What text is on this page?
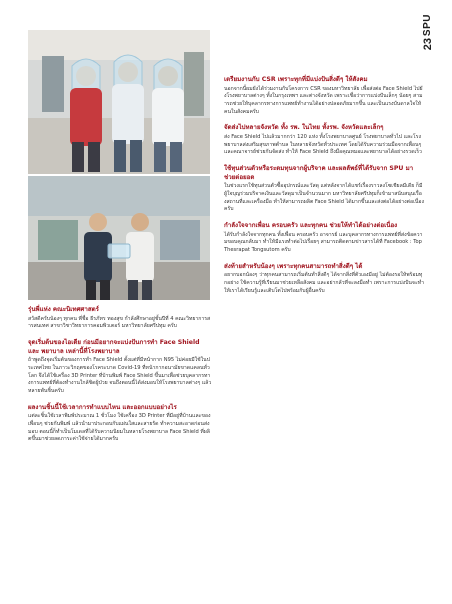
SPU
23
รุ่นพี่แห่ง คณะนิเทศศาสตร์
สวัสดีครับน้องๆ ทุกคน พี่ชื่อ ธีรภัทร ทองสุข กำลังศึกษาอยู่ชั้นปีที่ 4 คณะวิทยาการสารสนเทศ สาขาวิชาวิทยาการคอมพิวเตอร์ มหาวิทยาลัยศรีปทุม ครับ
จุดเริ่มต้นของไอเดีย ก่อนมีอยากจะแบ่งปันการทำ Face Shield และ พยาบาล เหล่านี้ที่โรงพยาบาล
ถ้าพูดถึงจุดเริ่มต้นของการทำ Face Shield ตั้งแต่ที่มีหน้ากาก N95 ไม่ค่อยมีใช้ในประเทศไทย ในภาวะวิกฤตของโรคระบาด Covid-19 ที่หน้ากากอนามัยขาดแคลนทั่วโลก จึงได้ใช้เครื่อง 3D Printer ที่บ้านพิมพ์ Face Shield ขึ้นมาเพื่อช่วยบุคลากรทางการแพทย์ที่ต้องทำงานใกล้ชิดผู้ป่วย จนถึงตอนนี้ได้ส่งมอบให้โรงพยาบาลต่างๆ แล้วหลายพันชิ้นครับ
ผลงานชิ้นนี้ใช้เวลาการทำแบบไหน และออกแบบอย่างไร
แต่ละชิ้นใช้เวลาพิมพ์ประมาณ 1 ชั่วโมง ใช้เครื่อง 3D Printer ที่มีอยู่ที่บ้านและของเพื่อนๆ ช่วยกันพิมพ์ แล้วนำมาประกอบกับแผ่นใสและสายรัด ทำความสะอาดก่อนส่งมอบ ตอนนี้ก็ทำเป็นโมเดลที่ได้รับความนิยมในหลายโรงพยาบาล Face Shield ที่ผลิตขึ้นมาช่วยลดภาระค่าใช้จ่ายได้มากครับ
เตรียมงานกับ CSR เพราะทุกที่มีแบ่งปันสิ่งดีๆ ให้สังคม
นอกจากนี้ผมยังได้ร่วมงานกับโครงการ CSR ของมหาวิทยาลัย เพื่อส่งต่อ Face Shield ไปยังโรงพยาบาลต่างๆ ทั้งในกรุงเทพฯ และต่างจังหวัด เพราะเชื่อว่าการแบ่งปันเล็กๆ น้อยๆ สามารถช่วยให้บุคลากรทางการแพทย์ทำงานได้อย่างปลอดภัยมากขึ้น และเป็นแรงบันดาลใจให้คนในสังคมครับ
จัดส่งไปหลายจังหวัด ทั้ง รพ. ในไทย ทั้งรพ. จังหวัดและเล็กๆ
ส่ง Face Shield ไปแล้วมากกว่า 120 แห่ง ทั้งโรงพยาบาลศูนย์ โรงพยาบาลทั่วไป และโรงพยาบาลส่งเสริมสุขภาพตำบล ในหลายจังหวัดทั่วประเทศ โดยได้รับความร่วมมือจากเพื่อนๆ และคณาจารย์ช่วยกันจัดส่ง ทำให้ Face Shield ถึงมือคุณหมอและพยาบาลได้อย่างรวดเร็ว
ใช้ทุนส่วนตัวหรือระดมทุนจากผู้บริจาค และผลลัพธ์ที่ได้รับจาก SPU มาช่วยต่อยอด
ในช่วงแรกใช้ทุนส่วนตัวซื้ออุปกรณ์และวัสดุ แต่หลังจากได้แชร์เรื่องราวลงโซเชียลมีเดีย ก็มีผู้ใจบุญร่วมบริจาคเงินและวัสดุมาเป็นจำนวนมาก มหาวิทยาลัยศรีปทุมก็เข้ามาสนับสนุนเรื่องสถานที่และเครื่องมือ ทำให้สามารถผลิต Face Shield ได้มากขึ้นและส่งต่อได้อย่างต่อเนื่องครับ
กำลังใจจากเพื่อน ครอบครัว และทุกคน ช่วยให้ทำได้อย่างต่อเนื่อง
ได้รับกำลังใจจากทุกคน ทั้งเพื่อน ครอบครัว อาจารย์ และบุคลากรทางการแพทย์ที่ส่งข้อความขอบคุณกลับมา ทำให้มีแรงทำต่อไปเรื่อยๆ สามารถติดตามข่าวสารได้ที่ Facebook : TopThesrapat Tongsutom ครับ
ส่งท้ายสำหรับน้องๆ เพราะทุกคนสามารถทำสิ่งดีๆ ได้
อยากบอกน้องๆ ว่าทุกคนสามารถเริ่มต้นทำสิ่งดีๆ ได้จากสิ่งที่ตัวเองมีอยู่ ไม่ต้องรอให้พร้อมทุกอย่าง ใช้ความรู้ที่เรียนมาช่วยเหลือสังคม และอย่ากลัวที่จะลงมือทำ เพราะการแบ่งปันจะทำให้เราได้เรียนรู้และเติบโตไปพร้อมกับผู้อื่นครับ
